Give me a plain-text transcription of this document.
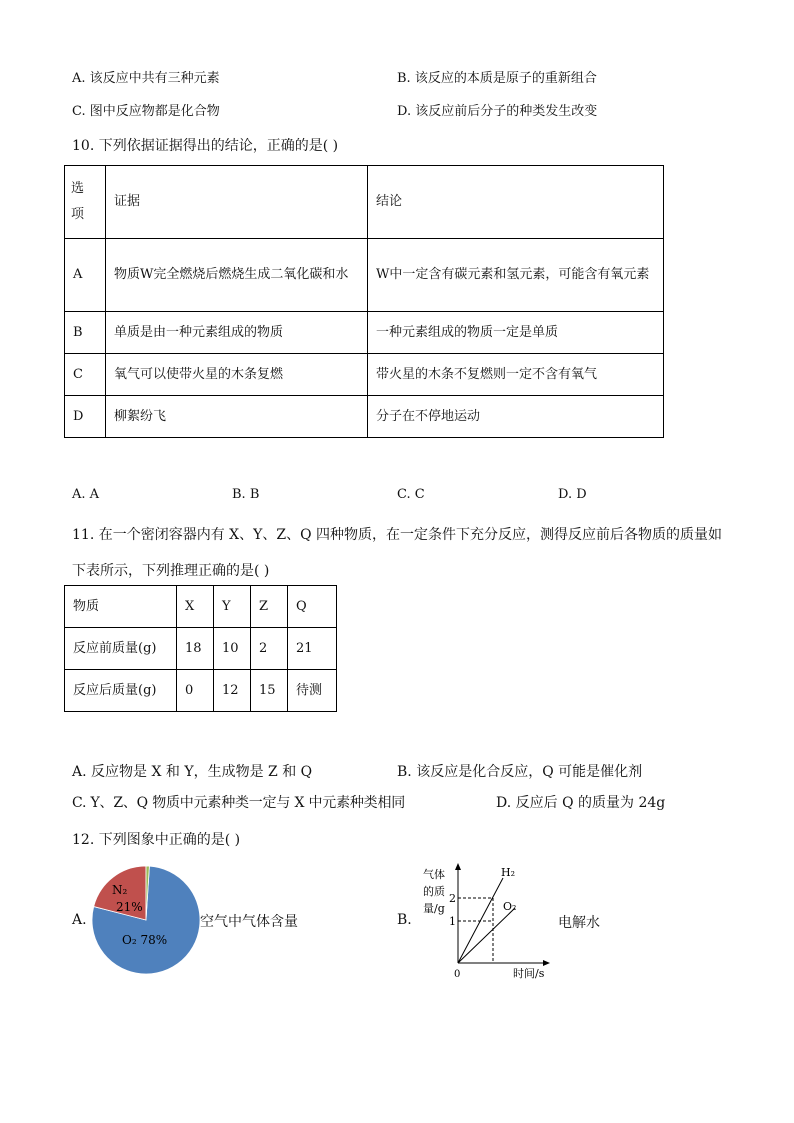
A. 该反应中共有三种元素	B. 该反应的本质是原子的重新组合
C. 图中反应物都是化合物	D. 该反应前后分子的种类发生改变
10. 下列依据证据得出的结论，正确的是( )
选项	证据	结论
A	物质W完全燃烧后燃烧生成二氧化碳和水	W中一定含有碳元素和氢元素，可能含有氧元素
B	单质是由一种元素组成的物质	一种元素组成的物质一定是单质
C	氧气可以使带火星的木条复燃	带火星的木条不复燃则一定不含有氧气
D	柳絮纷飞	分子在不停地运动
A. A	B. B	C. C	D. D
11. 在一个密闭容器内有 X、Y、Z、Q 四种物质，在一定条件下充分反应，测得反应前后各物质的质量如
下表所示，下列推理正确的是( )
物质	X	Y	Z	Q
反应前质量(g)	18	10	2	21
反应后质量(g)	0	12	15	待测
A. 反应物是 X 和 Y，生成物是 Z 和 Q	B. 该反应是化合反应，Q 可能是催化剂
C. Y、Z、Q 物质中元素种类一定与 X 中元素种类相同	D. 反应后 Q 的质量为 24g
12. 下列图象中正确的是( )
A.
N₂
21%
O₂ 78%
空气中气体含量	B.
气体
的质
量/g
2
1
0	时间/s
H₂
O₂
电解水
